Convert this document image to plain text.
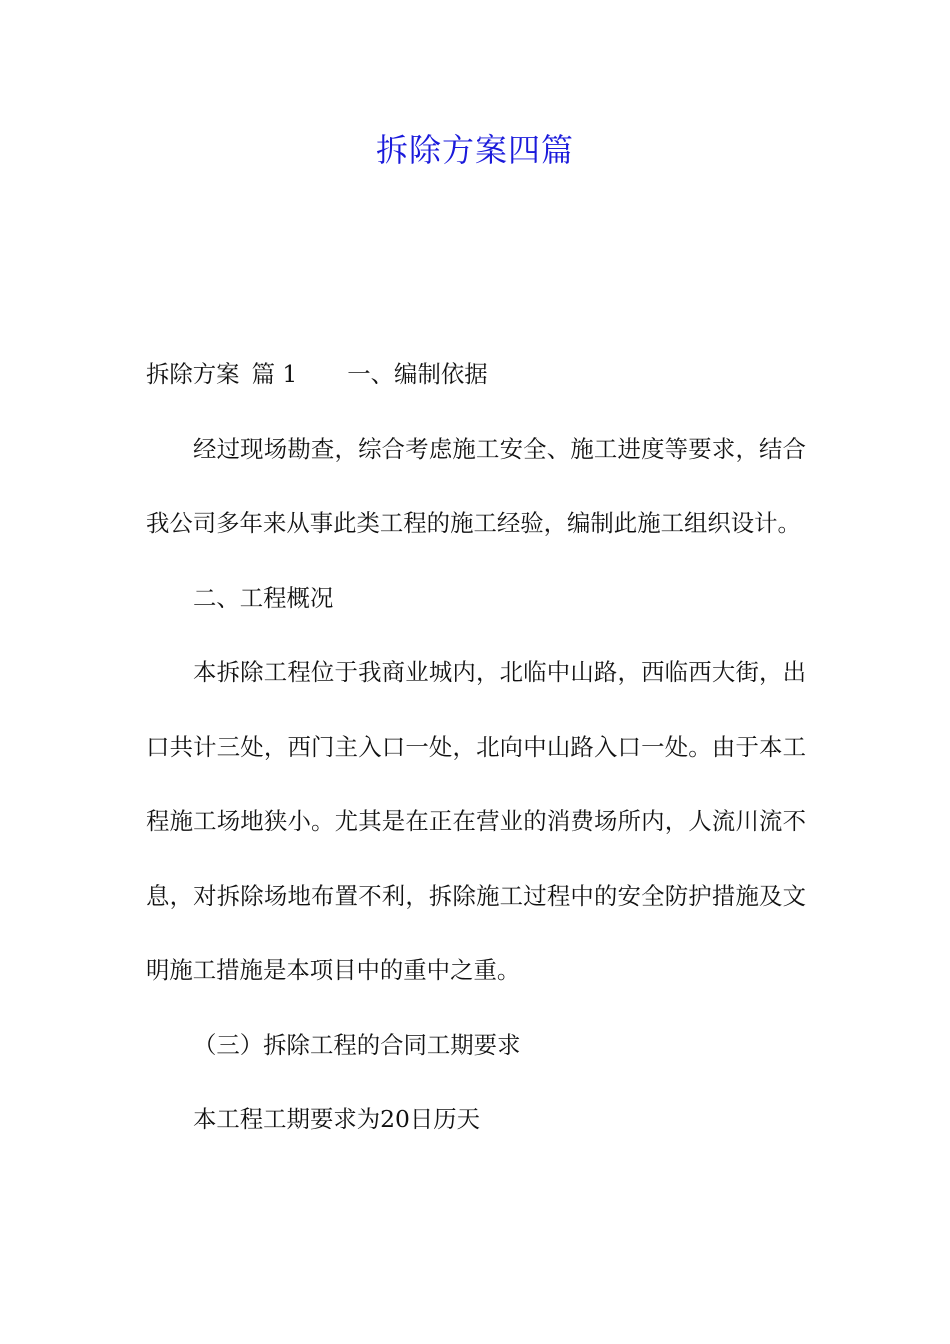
拆除方案四篇

拆除方案 篇 1 一、编制依据

经过现场勘查，综合考虑施工安全、施工进度等要求，结合我公司多年来从事此类工程的施工经验，编制此施工组织设计。

二、工程概况

本拆除工程位于我商业城内，北临中山路，西临西大街，出口共计三处，西门主入口一处，北向中山路入口一处。由于本工程施工场地狭小。尤其是在正在营业的消费场所内，人流川流不息，对拆除场地布置不利，拆除施工过程中的安全防护措施及文明施工措施是本项目中的重中之重。

（三）拆除工程的合同工期要求

本工程工期要求为20日历天
